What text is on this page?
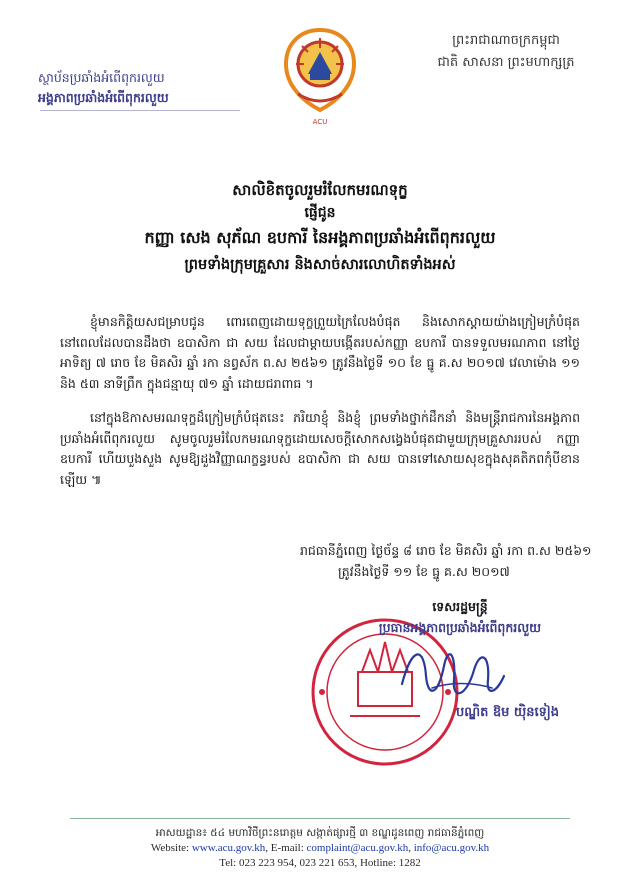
ព្រះរាជាណាចក្រកម្ពុជា
ជាតិ សាសនា ព្រះមហាក្សត្រ
ស្ថាប័នប្រឆាំងអំពើពុករលួយ
អង្គភាពប្រឆាំងអំពើពុករលួយ
ACU
សាលិខិតចូលរួមរំលែកមរណទុក្ខ
ផ្ញើជូន
កញ្ញា សេង សុភ័ណ ឧបការី នៃអង្គភាពប្រឆាំងអំពើពុករលួយ
ព្រមទាំងក្រុមគ្រួសារ និងសាច់សារលោហិតទាំងអស់

ខ្ញុំមានកិត្តិយសជម្រាបជូន ពោរពេញដោយទុក្ខព្រួយក្រៃលែងបំផុត និងសោកស្ដាយយ៉ាងក្រៀមក្រំបំផុត នៅពេលដែលបានដឹងថា ឧបាសិកា ជា សយ ដែលជាម្ដាយបង្កើតរបស់កញ្ញា ឧបការី បានទទួលមរណភាព នៅថ្ងៃ អាទិត្យ ៧ រោច ខែ មិគសិរ ឆ្នាំ រកា នព្វស័ក ព.ស ២៥៦១ ត្រូវនឹងថ្ងៃទី ១០ ខែ ធ្នូ គ.ស ២០១៧ វេលាម៉ោង ១១ និង ៥៣ នាទីព្រឹក ក្នុងជន្មាយុ ៧១ ឆ្នាំ ដោយជរាពាធ ។

នៅក្នុងឱកាសមរណទុក្ខដ៏ក្រៀមក្រំបំផុតនេះ ភរិយាខ្ញុំ និងខ្ញុំ ព្រមទាំងថ្នាក់ដឹកនាំ និងមន្ត្រីរាជការនៃអង្គភាពប្រឆាំងអំពើពុករលួយ សូមចូលរួមរំលែកមរណទុក្ខដោយសេចក្ដីសោកសង្វេងបំផុតជាមួយក្រុមគ្រួសាររបស់ កញ្ញាឧបការី ហើយបួងសួង សូមឱ្យដួងវិញ្ញាណក្ខន្ធរបស់ ឧបាសិកា ជា សយ បានទៅសោយសុខក្នុងសុគតិភពកុំបីខានឡើយ ៕

រាជធានីភ្នំពេញ ថ្ងៃច័ន្ទ ៨ រោច ខែ មិគសិរ ឆ្នាំ រកា ព.ស ២៥៦១
ត្រូវនឹងថ្ងៃទី ១១ ខែ ធ្នូ គ.ស ២០១៧
ទេសរដ្ឋមន្ត្រី
ប្រធានអង្គភាពប្រឆាំងអំពើពុករលួយ
បណ្ឌិត ឱម យ៉ិនទៀង
អាសយដ្ឋាន៖ ៥៤ មហាវិថីព្រះនរោត្តម សង្កាត់ផ្សារថ្មី ៣ ខណ្ឌដូនពេញ រាជធានីភ្នំពេញ
Website: www.acu.gov.kh, E-mail: complaint@acu.gov.kh, info@acu.gov.kh
Tel: 023 223 954, 023 221 653, Hotline: 1282
